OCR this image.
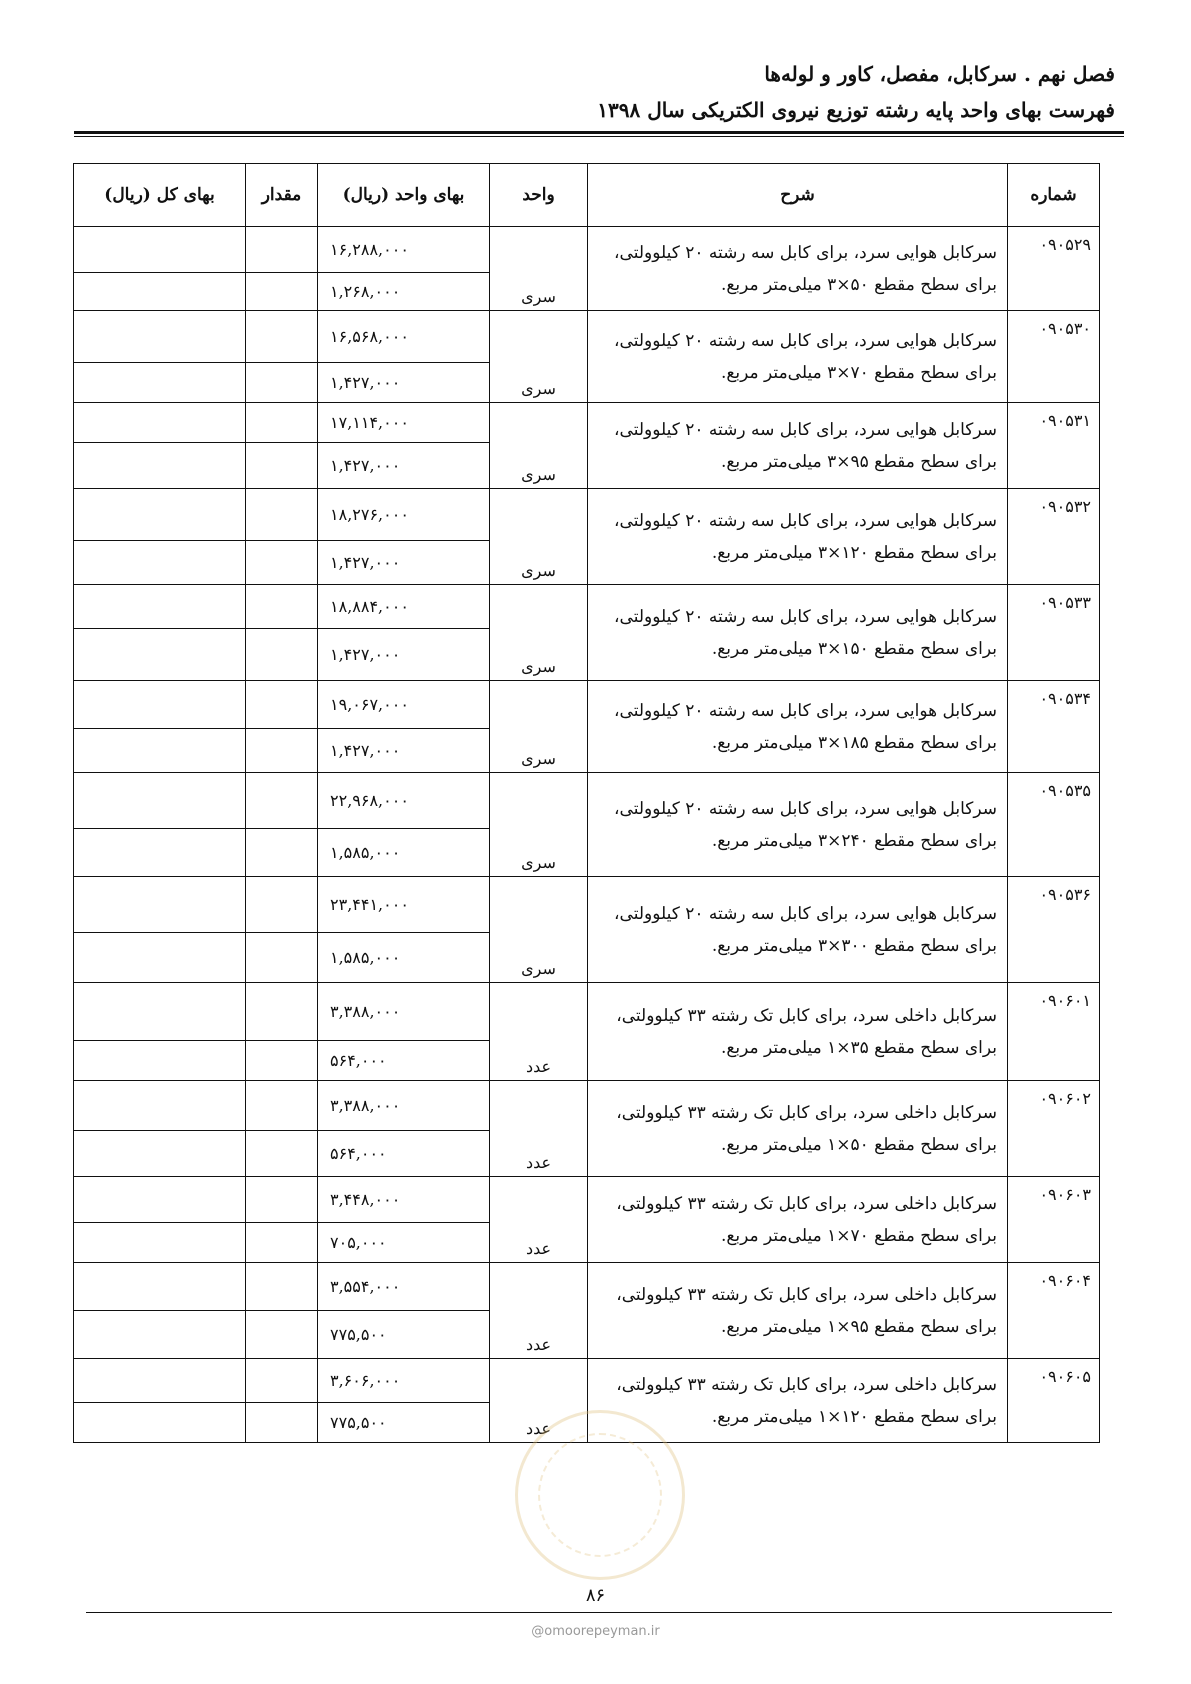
فصل نهم . سرکابل، مفصل، کاور و لوله‌ها
فهرست بهای واحد پایه رشته توزیع نیروی الکتریکی سال ۱۳۹۸
شماره	شرح	واحد	بهای واحد (ریال)	مقدار	بهای کل (ریال)
۰۹۰۵۲۹	سرکابل هوایی سرد، برای کابل سه رشته ۲۰ کیلوولتی، برای سطح مقطع ۵۰×۳ میلی‌متر مربع.	سری	۱۶,۲۸۸,۰۰۰		
			۱,۲۶۸,۰۰۰		
۰۹۰۵۳۰	سرکابل هوایی سرد، برای کابل سه رشته ۲۰ کیلوولتی، برای سطح مقطع ۷۰×۳ میلی‌متر مربع.	سری	۱۶,۵۶۸,۰۰۰		
			۱,۴۲۷,۰۰۰		
۰۹۰۵۳۱	سرکابل هوایی سرد، برای کابل سه رشته ۲۰ کیلوولتی، برای سطح مقطع ۹۵×۳ میلی‌متر مربع.	سری	۱۷,۱۱۴,۰۰۰		
			۱,۴۲۷,۰۰۰		
۰۹۰۵۳۲	سرکابل هوایی سرد، برای کابل سه رشته ۲۰ کیلوولتی، برای سطح مقطع ۱۲۰×۳ میلی‌متر مربع.	سری	۱۸,۲۷۶,۰۰۰		
			۱,۴۲۷,۰۰۰		
۰۹۰۵۳۳	سرکابل هوایی سرد، برای کابل سه رشته ۲۰ کیلوولتی، برای سطح مقطع ۱۵۰×۳ میلی‌متر مربع.	سری	۱۸,۸۸۴,۰۰۰		
			۱,۴۲۷,۰۰۰		
۰۹۰۵۳۴	سرکابل هوایی سرد، برای کابل سه رشته ۲۰ کیلوولتی، برای سطح مقطع ۱۸۵×۳ میلی‌متر مربع.	سری	۱۹,۰۶۷,۰۰۰		
			۱,۴۲۷,۰۰۰		
۰۹۰۵۳۵	سرکابل هوایی سرد، برای کابل سه رشته ۲۰ کیلوولتی، برای سطح مقطع ۲۴۰×۳ میلی‌متر مربع.	سری	۲۲,۹۶۸,۰۰۰		
			۱,۵۸۵,۰۰۰		
۰۹۰۵۳۶	سرکابل هوایی سرد، برای کابل سه رشته ۲۰ کیلوولتی، برای سطح مقطع ۳۰۰×۳ میلی‌متر مربع.	سری	۲۳,۴۴۱,۰۰۰		
			۱,۵۸۵,۰۰۰		
۰۹۰۶۰۱	سرکابل داخلی سرد، برای کابل تک رشته ۳۳ کیلوولتی، برای سطح مقطع ۳۵×۱ میلی‌متر مربع.	عدد	۳,۳۸۸,۰۰۰		
			۵۶۴,۰۰۰		
۰۹۰۶۰۲	سرکابل داخلی سرد، برای کابل تک رشته ۳۳ کیلوولتی، برای سطح مقطع ۵۰×۱ میلی‌متر مربع.	عدد	۳,۳۸۸,۰۰۰		
			۵۶۴,۰۰۰		
۰۹۰۶۰۳	سرکابل داخلی سرد، برای کابل تک رشته ۳۳ کیلوولتی، برای سطح مقطع ۷۰×۱ میلی‌متر مربع.	عدد	۳,۴۴۸,۰۰۰		
			۷۰۵,۰۰۰		
۰۹۰۶۰۴	سرکابل داخلی سرد، برای کابل تک رشته ۳۳ کیلوولتی، برای سطح مقطع ۹۵×۱ میلی‌متر مربع.	عدد	۳,۵۵۴,۰۰۰		
			۷۷۵,۵۰۰		
۰۹۰۶۰۵	سرکابل داخلی سرد، برای کابل تک رشته ۳۳ کیلوولتی، برای سطح مقطع ۱۲۰×۱ میلی‌متر مربع.	عدد	۳,۶۰۶,۰۰۰		
			۷۷۵,۵۰۰		
۸۶
@omoorepeyman.ir
